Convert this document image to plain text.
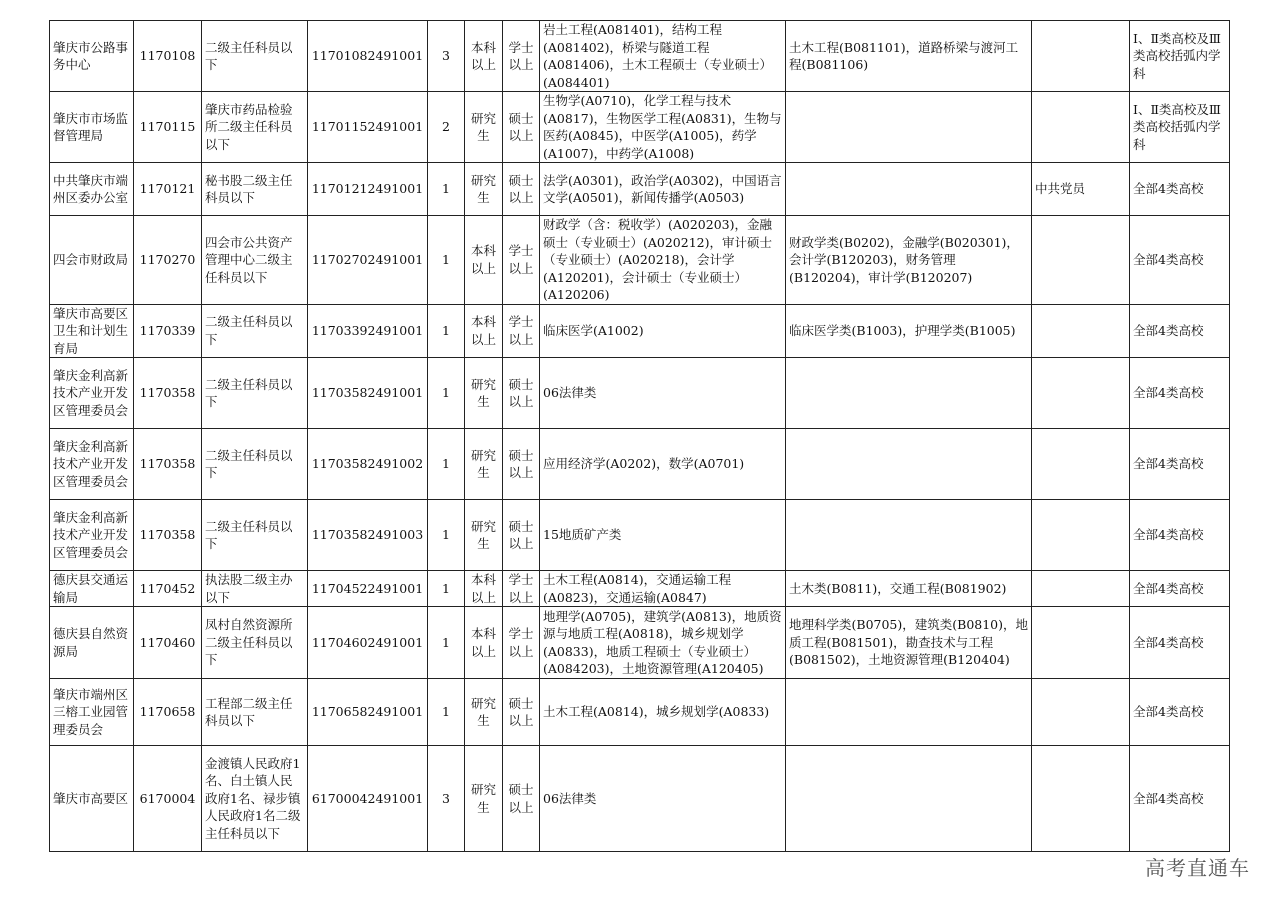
肇庆市公路事务中心	1170108	二级主任科员以下	11701082491001	3	本科以上	学士以上	岩土工程(A081401)，结构工程(A081402)，桥梁与隧道工程(A081406)，土木工程硕士（专业硕士）(A084401)	土木工程(B081101)，道路桥梁与渡河工程(B081106)		Ⅰ、Ⅱ类高校及Ⅲ类高校括弧内学科
肇庆市市场监督管理局	1170115	肇庆市药品检验所二级主任科员以下	11701152491001	2	研究生	硕士以上	生物学(A0710)，化学工程与技术(A0817)，生物医学工程(A0831)，生物与医药(A0845)，中医学(A1005)，药学(A1007)，中药学(A1008)			Ⅰ、Ⅱ类高校及Ⅲ类高校括弧内学科
中共肇庆市端州区委办公室	1170121	秘书股二级主任科员以下	11701212491001	1	研究生	硕士以上	法学(A0301)，政治学(A0302)，中国语言文学(A0501)，新闻传播学(A0503)		中共党员	全部4类高校
四会市财政局	1170270	四会市公共资产管理中心二级主任科员以下	11702702491001	1	本科以上	学士以上	财政学（含：税收学）(A020203)，金融硕士（专业硕士）(A020212)，审计硕士（专业硕士）(A020218)，会计学(A120201)，会计硕士（专业硕士）(A120206)	财政学类(B0202)，金融学(B020301)，会计学(B120203)，财务管理(B120204)，审计学(B120207)		全部4类高校
肇庆市高要区卫生和计划生育局	1170339	二级主任科员以下	11703392491001	1	本科以上	学士以上	临床医学(A1002)	临床医学类(B1003)，护理学类(B1005)		全部4类高校
肇庆金利高新技术产业开发区管理委员会	1170358	二级主任科员以下	11703582491001	1	研究生	硕士以上	06法律类			全部4类高校
肇庆金利高新技术产业开发区管理委员会	1170358	二级主任科员以下	11703582491002	1	研究生	硕士以上	应用经济学(A0202)，数学(A0701)			全部4类高校
肇庆金利高新技术产业开发区管理委员会	1170358	二级主任科员以下	11703582491003	1	研究生	硕士以上	15地质矿产类			全部4类高校
德庆县交通运输局	1170452	执法股二级主办以下	11704522491001	1	本科以上	学士以上	土木工程(A0814)，交通运输工程(A0823)，交通运输(A0847)	土木类(B0811)，交通工程(B081902)		全部4类高校
德庆县自然资源局	1170460	凤村自然资源所二级主任科员以下	11704602491001	1	本科以上	学士以上	地理学(A0705)，建筑学(A0813)，地质资源与地质工程(A0818)，城乡规划学(A0833)，地质工程硕士（专业硕士）(A084203)，土地资源管理(A120405)	地理科学类(B0705)，建筑类(B0810)，地质工程(B081501)，勘查技术与工程(B081502)，土地资源管理(B120404)		全部4类高校
肇庆市端州区三榕工业园管理委员会	1170658	工程部二级主任科员以下	11706582491001	1	研究生	硕士以上	土木工程(A0814)，城乡规划学(A0833)			全部4类高校
肇庆市高要区	6170004	金渡镇人民政府1名、白土镇人民政府1名、禄步镇人民政府1名二级主任科员以下	61700042491001	3	研究生	硕士以上	06法律类			全部4类高校
高考直通车
